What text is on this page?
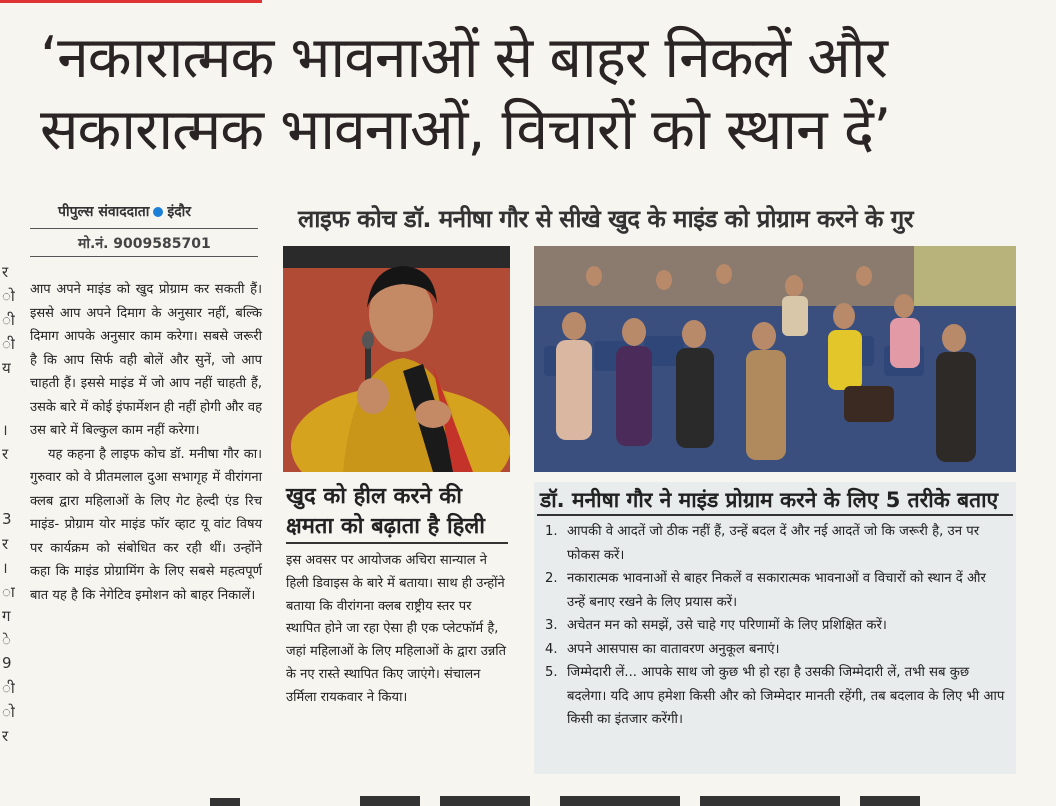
र
ो
ी
ी
य
।
र
3
र
।
ा
ग
े
9
ी
ो
र
‘नकारात्मक भावनाओं से बाहर निकलें और
सकारात्मक भावनाओं, विचारों को स्थान दें’
पीपुल्स संवाददाता इंदौर
मो.नं. 9009585701
लाइफ कोच डॉ. मनीषा गौर से सीखे खुद के माइंड को प्रोग्राम करने के गुर

आप अपने माइंड को खुद प्रोग्राम कर सकती हैं। इससे आप अपने दिमाग के अनुसार नहीं, बल्कि दिमाग आपके अनुसार काम करेगा। सबसे जरूरी है कि आप सिर्फ वही बोलें और सुनें, जो आप चाहती हैं। इससे माइंड में जो आप नहीं चाहती हैं, उसके बारे में कोई इंफार्मेशन ही नहीं होगी और वह उस बारे में बिल्कुल काम नहीं करेगा।

यह कहना है लाइफ कोच डॉ. मनीषा गौर का। गुरुवार को वे प्रीतमलाल दुआ सभागृह में वीरांगना क्लब द्वारा महिलाओं के लिए गेट हेल्दी एंड रिच माइंड- प्रोग्राम योर माइंड फॉर व्हाट यू वांट विषय पर कार्यक्रम को संबोधित कर रही थीं। उन्होंने कहा कि माइंड प्रोग्रामिंग के लिए सबसे महत्वपूर्ण बात यह है कि नेगेटिव इमोशन को बाहर निकालें।

खुद को हील करने की क्षमता को बढ़ाता है हिली
इस अवसर पर आयोजक अचिरा सान्याल ने हिली डिवाइस के बारे में बताया। साथ ही उन्होंने बताया कि वीरांगना क्लब राष्ट्रीय स्तर पर स्थापित होने जा रहा ऐसा ही एक प्लेटफॉर्म है, जहां महिलाओं के लिए महिलाओं के द्वारा उन्नति के नए रास्ते स्थापित किए जाएंगे। संचालन उर्मिला रायकवार ने किया।
डॉ. मनीषा गौर ने माइंड प्रोग्राम करने के लिए 5 तरीके बताए
1. आपकी वे आदतें जो ठीक नहीं हैं, उन्हें बदल दें और नई आदतें जो कि जरूरी है, उन पर फोकस करें।
2. नकारात्मक भावनाओं से बाहर निकलें व सकारात्मक भावनाओं व विचारों को स्थान दें और उन्हें बनाए रखने के लिए प्रयास करें।
3. अचेतन मन को समझें, उसे चाहे गए परिणामों के लिए प्रशिक्षित करें।
4. अपने आसपास का वातावरण अनुकूल बनाएं।
5. जिम्मेदारी लें... आपके साथ जो कुछ भी हो रहा है उसकी जिम्मेदारी लें, तभी सब कुछ बदलेगा। यदि आप हमेशा किसी और को जिम्मेदार मानती रहेंगी, तब बदलाव के लिए भी आप किसी का इंतजार करेंगी।
